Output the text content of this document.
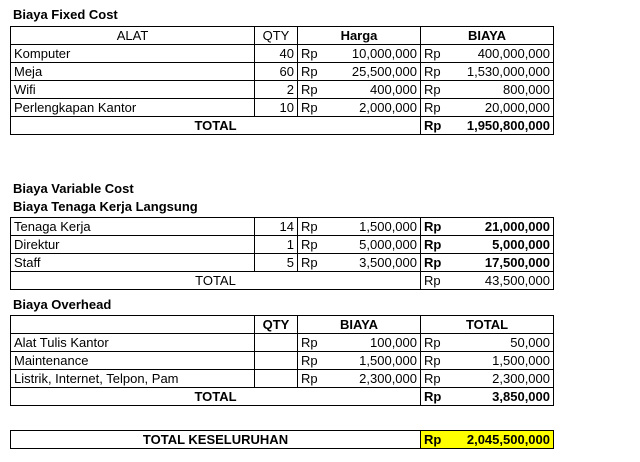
Biaya Fixed Cost
ALAT	QTY	Harga	BIAYA
Komputer	40	Rp 10,000,000	Rp 400,000,000

Meja	60	Rp 25,500,000	Rp 1,530,000,000

Wifi	2	Rp 400,000	Rp 800,000

Perlengkapan Kantor	10	Rp 2,000,000	Rp 20,000,000

TOTAL			Rp 1,950,800,000
Biaya Variable Cost
Biaya Tenaga Kerja Langsung
Tenaga Kerja	14	Rp 1,500,000	Rp 21,000,000

Direktur	1	Rp 5,000,000	Rp 5,000,000

Staff	5	Rp 3,500,000	Rp 17,500,000

TOTAL			Rp 43,500,000
Biaya Overhead
	QTY	BIAYA	TOTAL
Alat Tulis Kantor		Rp 100,000	Rp 50,000

Maintenance		Rp 1,500,000	Rp 1,500,000

Listrik, Internet, Telpon, Pam		Rp 2,300,000	Rp 2,300,000

TOTAL			Rp 3,850,000
TOTAL KESELURUHAN	Rp 2,045,500,000
